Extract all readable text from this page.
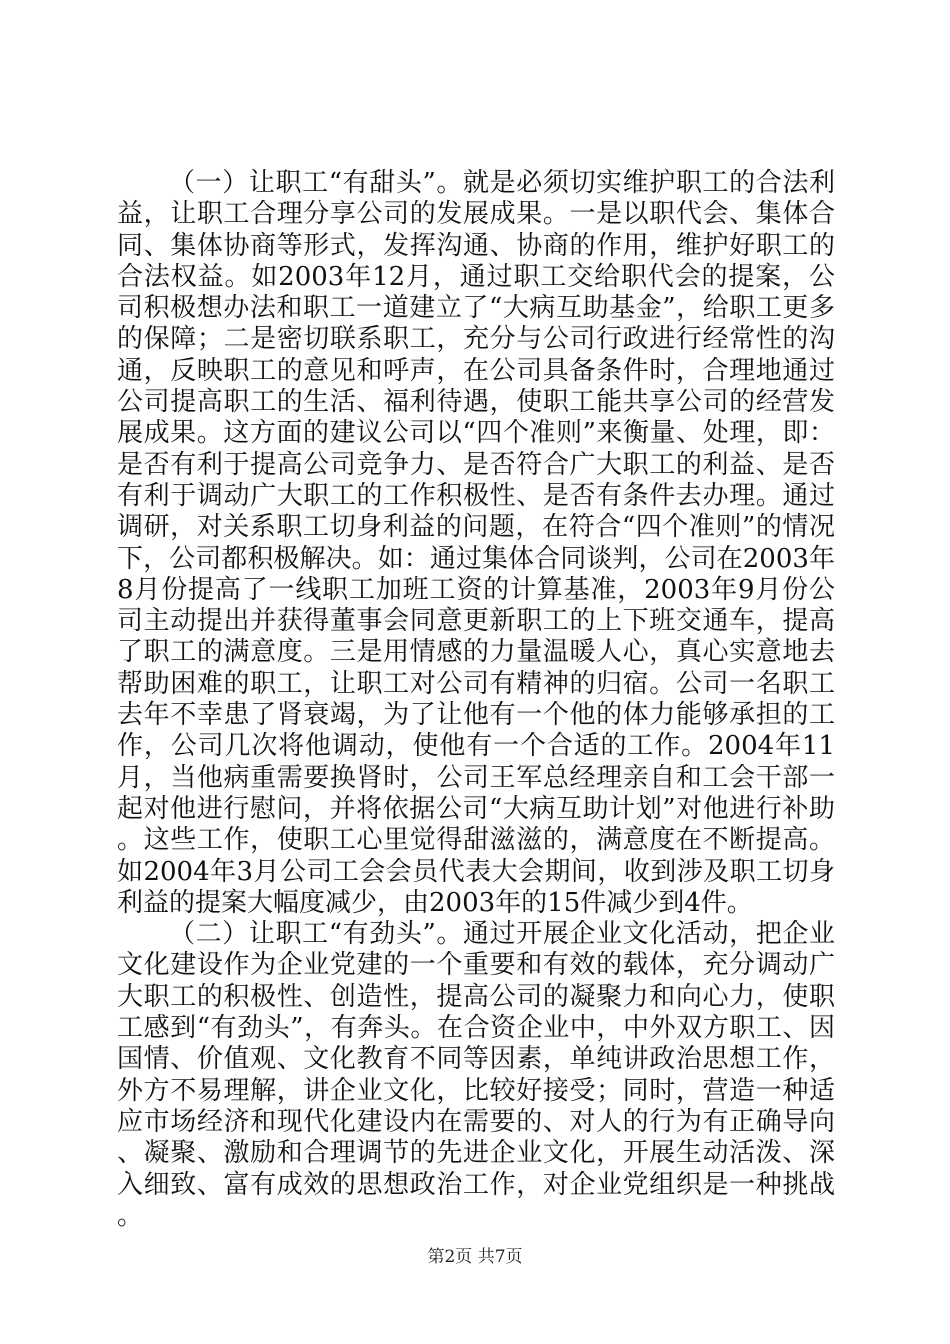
（一）让职工“有甜头”。就是必须切实维护职工的合法利益，让职工合理分享公司的发展成果。一是以职代会、集体合同、集体协商等形式，发挥沟通、协商的作用，维护好职工的合法权益。如2003年12月，通过职工交给职代会的提案，公司积极想办法和职工一道建立了“大病互助基金”，给职工更多的保障；二是密切联系职工，充分与公司行政进行经常性的沟通，反映职工的意见和呼声，在公司具备条件时，合理地通过公司提高职工的生活、福利待遇，使职工能共享公司的经营发展成果。这方面的建议公司以“四个准则”来衡量、处理，即：是否有利于提高公司竞争力、是否符合广大职工的利益、是否有利于调动广大职工的工作积极性、是否有条件去办理。通过调研，对关系职工切身利益的问题，在符合“四个准则”的情况下，公司都积极解决。如：通过集体合同谈判，公司在2003年8月份提高了一线职工加班工资的计算基准，2003年9月份公司主动提出并获得董事会同意更新职工的上下班交通车，提高了职工的满意度。三是用情感的力量温暖人心，真心实意地去帮助困难的职工，让职工对公司有精神的归宿。公司一名职工去年不幸患了肾衰竭，为了让他有一个他的体力能够承担的工作，公司几次将他调动，使他有一个合适的工作。2004年11月，当他病重需要换肾时，公司王军总经理亲自和工会干部一起对他进行慰问，并将依据公司“大病互助计划”对他进行补助。这些工作，使职工心里觉得甜滋滋的，满意度在不断提高。如2004年3月公司工会会员代表大会期间，收到涉及职工切身利益的提案大幅度减少，由2003年的15件减少到4件。

（二）让职工“有劲头”。通过开展企业文化活动，把企业文化建设作为企业党建的一个重要和有效的载体，充分调动广大职工的积极性、创造性，提高公司的凝聚力和向心力，使职工感到“有劲头”，有奔头。在合资企业中，中外双方职工、因国情、价值观、文化教育不同等因素，单纯讲政治思想工作，外方不易理解，讲企业文化，比较好接受；同时，营造一种适应市场经济和现代化建设内在需要的、对人的行为有正确导向、凝聚、激励和合理调节的先进企业文化，开展生动活泼、深入细致、富有成效的思想政治工作，对企业党组织是一种挑战。

第2页 共7页
